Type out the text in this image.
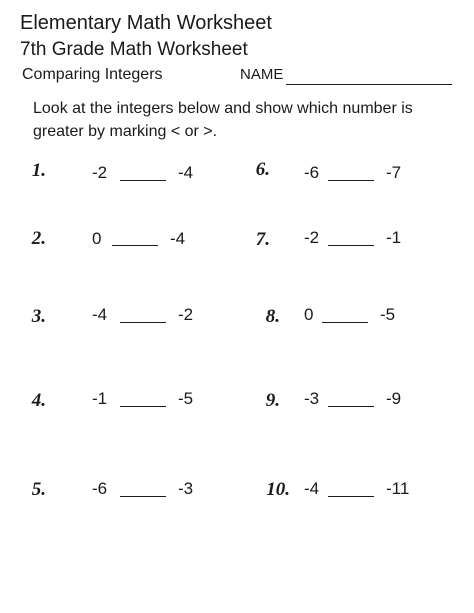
Elementary Math Worksheet
7th Grade Math Worksheet
Comparing Integers	NAME
Look at the integers below and show which number is greater by marking < or >.
1.	-2	-4
2.	0	-4
3.	-4	-2
4.	-1	-5
5.	-6	-3
6. -6	-7
7. -2	-1
8. 0	-5
9. -3	-9
10. -4	-11
